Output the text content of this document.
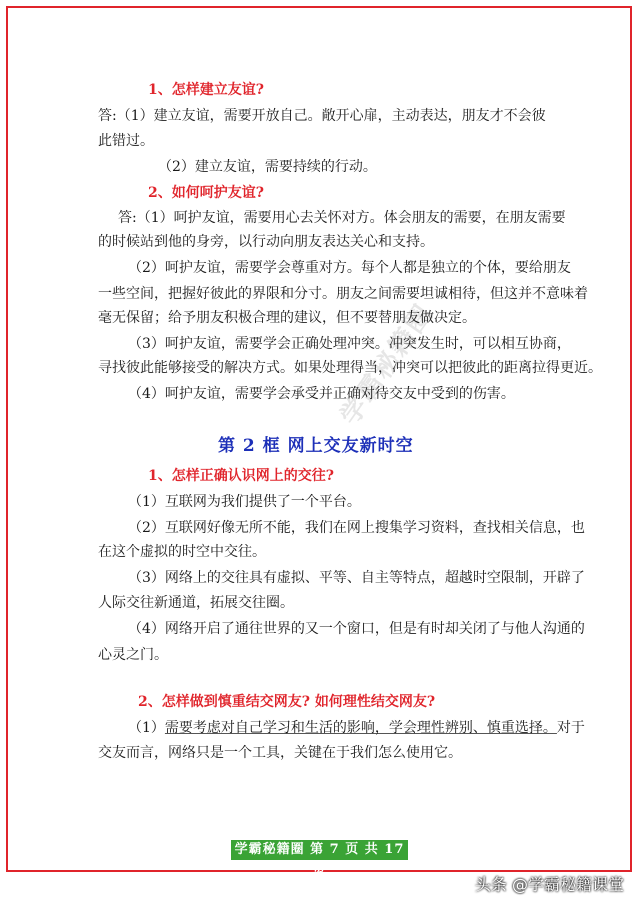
学霸秘籍圈
1、怎样建立友谊?
答:（1）建立友谊，需要开放自己。敞开心扉，主动表达，朋友才不会彼
此错过。
（2）建立友谊，需要持续的行动。
2、如何呵护友谊?
答:（1）呵护友谊，需要用心去关怀对方。体会朋友的需要，在朋友需要
的时候站到他的身旁，以行动向朋友表达关心和支持。
（2）呵护友谊，需要学会尊重对方。每个人都是独立的个体，要给朋友
一些空间，把握好彼此的界限和分寸。朋友之间需要坦诚相待，但这并不意味着
毫无保留；给予朋友积极合理的建议，但不要替朋友做决定。
（3）呵护友谊，需要学会正确处理冲突。冲突发生时，可以相互协商，
寻找彼此能够接受的解决方式。如果处理得当，冲突可以把彼此的距离拉得更近。
（4）呵护友谊，需要学会承受并正确对待交友中受到的伤害。
第 2 框 网上交友新时空
1、怎样正确认识网上的交往?
（1）互联网为我们提供了一个平台。
（2）互联网好像无所不能，我们在网上搜集学习资料，查找相关信息，也
在这个虚拟的时空中交往。
（3）网络上的交往具有虚拟、平等、自主等特点，超越时空限制，开辟了
人际交往新通道，拓展交往圈。
（4）网络开启了通往世界的又一个窗口，但是有时却关闭了与他人沟通的
心灵之门。
2、怎样做到慎重结交网友? 如何理性结交网友?
（1）需要考虑对自己学习和生活的影响，学会理性辨别、慎重选择。对于
交友而言，网络只是一个工具，关键在于我们怎么使用它。
学霸秘籍圈 第 7 页 共 17 页
头条 @学霸秘籍课堂
